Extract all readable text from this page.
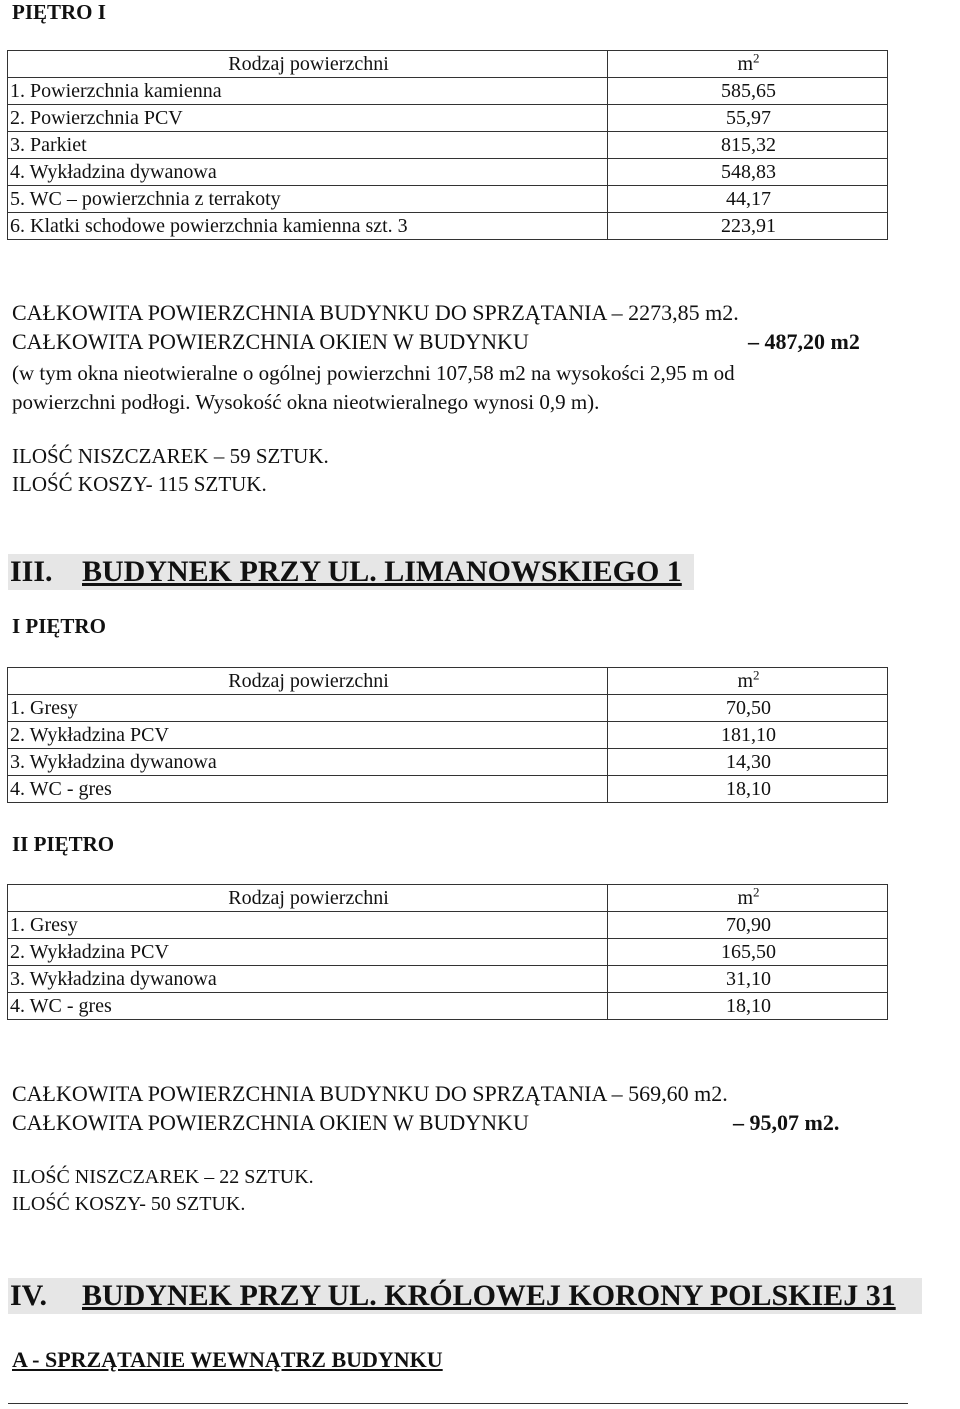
PIĘTRO I
Rodzaj powierzchni	$m^2$
1. Powierzchnia kamienna	585,65
2. Powierzchnia PCV	55,97
3. Parkiet	815,32
4. Wykładzina dywanowa	548,83
5. WC – powierzchnia z terrakoty	44,17
6. Klatki schodowe powierzchnia kamienna szt. 3	223,91
CAŁKOWITA POWIERZCHNIA BUDYNKU DO SPRZĄTANIA – 2273,85 m2.
CAŁKOWITA POWIERZCHNIA OKIEN W BUDYNKU	– 487,20 m2
(w tym okna nieotwieralne o ogólnej powierzchni 107,58 m2 na wysokości 2,95 m od
powierzchni podłogi. Wysokość okna nieotwieralnego wynosi 0,9 m).
ILOŚĆ NISZCZAREK – 59 SZTUK.
ILOŚĆ KOSZY- 115 SZTUK.
III. BUDYNEK PRZY UL. LIMANOWSKIEGO 1
I PIĘTRO
Rodzaj powierzchni	$m^2$
1. Gresy	70,50
2. Wykładzina PCV	181,10
3. Wykładzina dywanowa	14,30
4. WC - gres	18,10
II PIĘTRO
Rodzaj powierzchni	$m^2$
1. Gresy	70,90
2. Wykładzina PCV	165,50
3. Wykładzina dywanowa	31,10
4. WC - gres	18,10
CAŁKOWITA POWIERZCHNIA BUDYNKU DO SPRZĄTANIA – 569,60 m2.
CAŁKOWITA POWIERZCHNIA OKIEN W BUDYNKU	– 95,07 m2.
ILOŚĆ NISZCZAREK – 22 SZTUK.
ILOŚĆ KOSZY- 50 SZTUK.
IV. BUDYNEK PRZY UL. KRÓLOWEJ KORONY POLSKIEJ 31
A - SPRZĄTANIE WEWNĄTRZ BUDYNKU
